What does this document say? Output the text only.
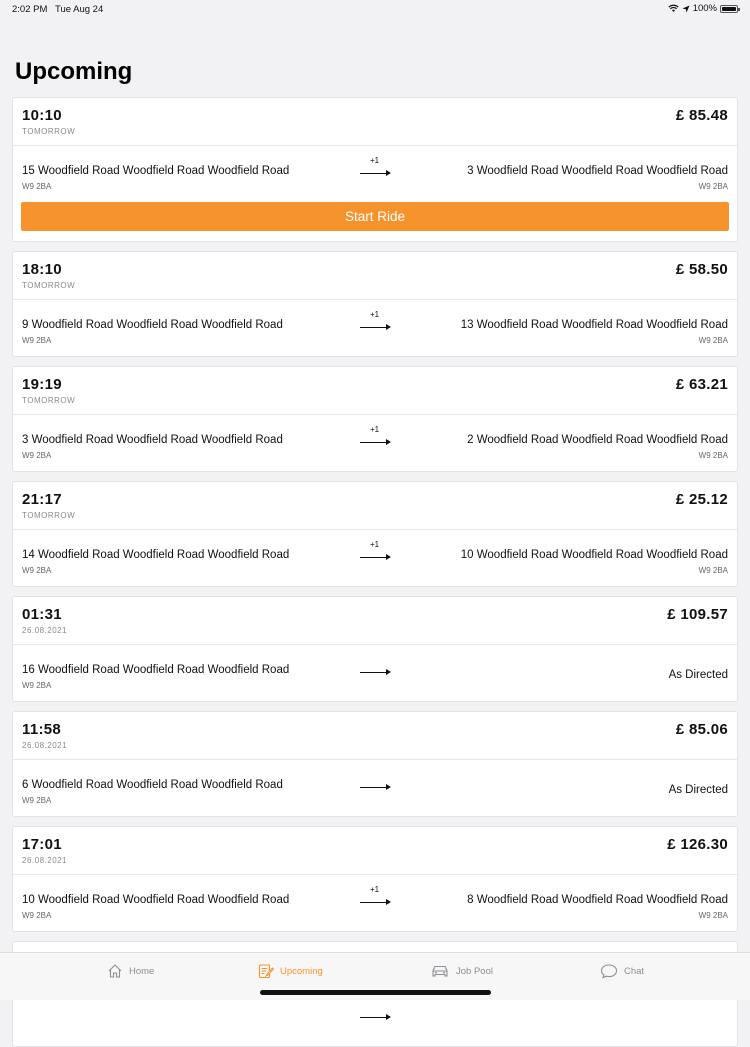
2:02 PM Tue Aug 24	100%
Upcoming
10:10
TOMORROW
£ 85.48
15 Woodfield Road Woodfield Road Woodfield Road
W9 2BA
+1
3 Woodfield Road Woodfield Road Woodfield Road
W9 2BA
Start Ride
18:10
TOMORROW
£ 58.50
9 Woodfield Road Woodfield Road Woodfield Road
W9 2BA
+1
13 Woodfield Road Woodfield Road Woodfield Road
W9 2BA
19:19
TOMORROW
£ 63.21
3 Woodfield Road Woodfield Road Woodfield Road
W9 2BA
+1
2 Woodfield Road Woodfield Road Woodfield Road
W9 2BA
21:17
TOMORROW
£ 25.12
14 Woodfield Road Woodfield Road Woodfield Road
W9 2BA
+1
10 Woodfield Road Woodfield Road Woodfield Road
W9 2BA
01:31
26.08.2021
£ 109.57
16 Woodfield Road Woodfield Road Woodfield Road
W9 2BA
As Directed
11:58
26.08.2021
£ 85.06
6 Woodfield Road Woodfield Road Woodfield Road
W9 2BA
As Directed
17:01
26.08.2021
£ 126.30
10 Woodfield Road Woodfield Road Woodfield Road
W9 2BA
+1
8 Woodfield Road Woodfield Road Woodfield Road
W9 2BA
Home	Upcoming	Job Pool	Chat
